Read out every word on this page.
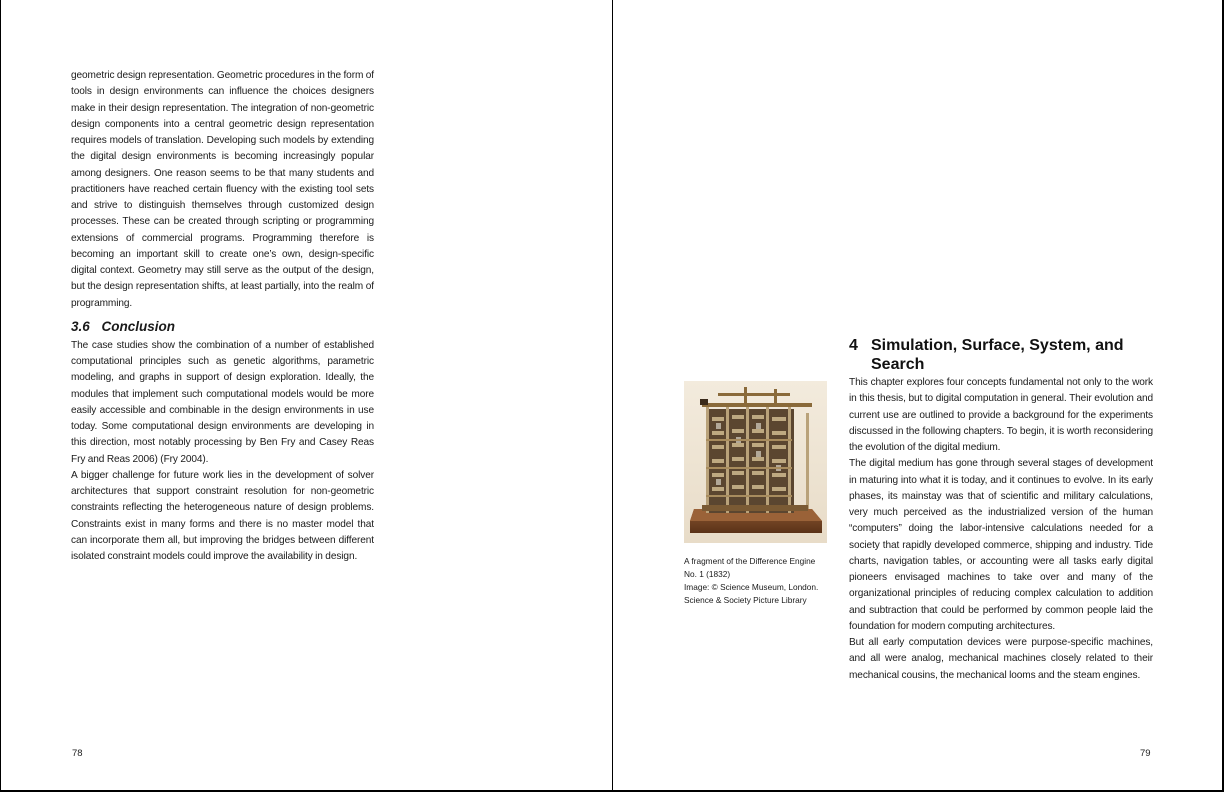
geometric design representation. Geometric procedures in the form of tools in design environments can influence the choices designers make in their design representation. The integration of non-geometric design components into a central geometric design representation requires models of translation. Developing such models by extending the digital design environments is becoming increasingly popular among designers. One reason seems to be that many students and practitioners have reached certain fluency with the existing tool sets and strive to distinguish themselves through customized design processes. These can be created through scripting or programming extensions of commercial programs. Programming therefore is becoming an important skill to create one’s own, design-specific digital context. Geometry may still serve as the output of the design, but the design representation shifts, at least partially, into the realm of programming.

3.6 Conclusion

The case studies show the combination of a number of established computational principles such as genetic algorithms, parametric modeling, and graphs in support of design exploration. Ideally, the modules that implement such computational models would be more easily accessible and combinable in the design environments in use today. Some computational design environments are developing in this direction, most notably processing by Ben Fry and Casey Reas Fry and Reas 2006) (Fry 2004).

A bigger challenge for future work lies in the development of solver architectures that support constraint resolution for non-geometric constraints reflecting the heterogeneous nature of design problems. Constraints exist in many forms and there is no master model that can incorporate them all, but improving the bridges between different isolated constraint models could improve the availability in design.

78
A fragment of the Difference Engine
No. 1 (1832)
Image: © Science Museum, London.
Science & Society Picture Library
4 Simulation, Surface, System, and Search

This chapter explores four concepts fundamental not only to the work in this thesis, but to digital computation in general. Their evolution and current use are outlined to provide a background for the experiments discussed in the following chapters. To begin, it is worth reconsidering the evolution of the digital medium.

The digital medium has gone through several stages of development in maturing into what it is today, and it continues to evolve. In its early phases, its mainstay was that of scientific and military calculations, very much perceived as the industrialized version of the human “computers” doing the labor-intensive calculations needed for a society that rapidly developed commerce, shipping and industry. Tide charts, navigation tables, or accounting were all tasks early digital pioneers envisaged machines to take over and many of the organizational principles of reducing complex calculation to addition and subtraction that could be performed by common people laid the foundation for modern computing architectures.

But all early computation devices were purpose-specific machines, and all were analog, mechanical machines closely related to their mechanical cousins, the mechanical looms and the steam engines.

79
